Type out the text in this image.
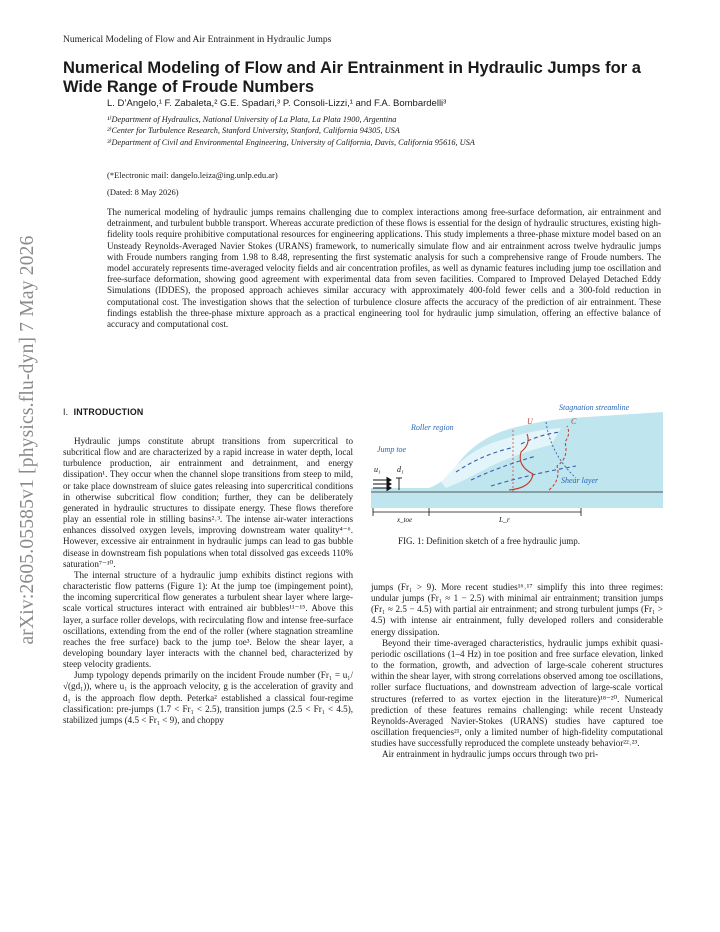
Numerical Modeling of Flow and Air Entrainment in Hydraulic Jumps
Numerical Modeling of Flow and Air Entrainment in Hydraulic Jumps for a Wide Range of Froude Numbers
L. D’Angelo,¹ F. Zabaleta,² G.E. Spadari,³ P. Consoli-Lizzi,¹ and F.A. Bombardelli³
¹⁾Department of Hydraulics, National University of La Plata, La Plata 1900, Argentina
²⁾Center for Turbulence Research, Stanford University, Stanford, California 94305, USA
³⁾Department of Civil and Environmental Engineering, University of California, Davis, California 95616, USA
(*Electronic mail: dangelo.leiza@ing.unlp.edu.ar)
(Dated: 8 May 2026)
The numerical modeling of hydraulic jumps remains challenging due to complex interactions among free-surface deformation, air entrainment and detrainment, and turbulent bubble transport. Whereas accurate prediction of these flows is essential for the design of hydraulic structures, existing high-fidelity tools require prohibitive computational resources for engineering applications. This study implements a three-phase mixture model based on an Unsteady Reynolds-Averaged Navier Stokes (URANS) framework, to numerically simulate flow and air entrainment across twelve hydraulic jumps with Froude numbers ranging from 1.98 to 8.48, representing the first systematic analysis for such a comprehensive range of Froude numbers. The model accurately represents time-averaged velocity fields and air concentration profiles, as well as dynamic features including jump toe oscillation and free-surface deformation, showing good agreement with experimental data from seven facilities. Compared to Improved Delayed Detached Eddy Simulations (IDDES), the proposed approach achieves similar accuracy with approximately 400-fold fewer cells and a 300-fold reduction in computational cost. The investigation shows that the selection of turbulence closure affects the accuracy of the prediction of air entrainment. These findings establish the three-phase mixture approach as a practical engineering tool for hydraulic jump simulation, offering an effective balance of accuracy and computational cost.
arXiv:2605.05585v1 [physics.flu-dyn] 7 May 2026	I. INTRODUCTION

Hydraulic jumps constitute abrupt transitions from supercritical to subcritical flow and are characterized by a rapid increase in water depth, local turbulence production, air entrainment and detrainment, and energy dissipation¹. They occur when the channel slope transitions from steep to mild, or take place downstream of sluice gates releasing into supercritical conditions in otherwise subcritical flow condition; further, they can be deliberately generated in hydraulic structures to dissipate energy. These flows therefore play an essential role in stilling basins²˒³. The intense air-water interactions enhances dissolved oxygen levels, improving downstream water quality⁴⁻⁶. However, excessive air entrainment in hydraulic jumps can lead to gas bubble disease in downstream fish populations when total dissolved gas exceeds 110% saturation⁷⁻¹⁰.

The internal structure of a hydraulic jump exhibits distinct regions with characteristic flow patterns (Figure 1): At the jump toe (impingement point), the incoming supercritical flow generates a turbulent shear layer where large-scale vortical structures interact with entrained air bubbles¹¹⁻¹⁵. Above this layer, a surface roller develops, with recirculating flow and intense free-surface oscillations, extending from the end of the roller (where stagnation streamline reaches the free surface) back to the jump toe³. Below the shear layer, a developing boundary layer interacts with the channel bed, characterized by steep velocity gradients.

Jump typology depends primarily on the incident Froude number (Fr₁ = u₁/√(gd₁)), where u₁ is the approach velocity, g is the acceleration of gravity and d₁ is the approach flow depth. Peterka² established a classical four-regime classification: pre-jumps (1.7 < Fr₁ < 2.5), transition jumps (2.5 < Fr₁ < 4.5), stabilized jumps (4.5 < Fr₁ < 9), and choppy

Stagnation streamline
Roller region
Jump toe
U	C
u₁ d₁
Shear layer
x_toe	L_r
FIG. 1: Definition sketch of a free hydraulic jump.

jumps (Fr₁ > 9). More recent studies¹⁶˒¹⁷ simplify this into three regimes: undular jumps (Fr₁ ≈ 1 − 2.5) with minimal air entrainment; transition jumps (Fr₁ ≈ 2.5 − 4.5) with partial air entrainment; and strong turbulent jumps (Fr₁ > 4.5) with intense air entrainment, fully developed rollers and considerable energy dissipation.

Beyond their time-averaged characteristics, hydraulic jumps exhibit quasi-periodic oscillations (1–4 Hz) in toe position and free surface elevation, linked to the formation, growth, and advection of large-scale coherent structures within the shear layer, with strong correlations observed among toe oscillations, roller surface fluctuations, and downstream advection of large-scale vortical structures (referred to as vortex ejection in the literature)¹⁸⁻²⁰. Numerical prediction of these features remains challenging: while recent Unsteady Reynolds-Averaged Navier-Stokes (URANS) studies have captured toe oscillation frequencies²¹, only a limited number of high-fidelity computational studies have successfully reproduced the complete unsteady behavior²²˒²³.

Air entrainment in hydraulic jumps occurs through two pri-
